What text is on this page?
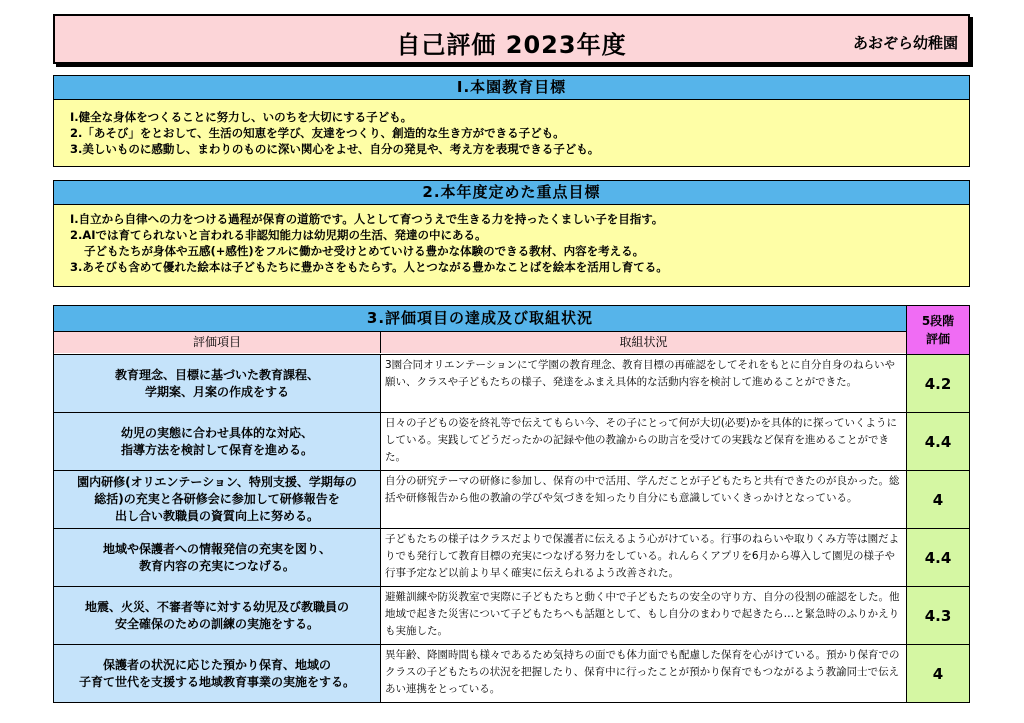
自己評価 2023年度	あおぞら幼稚園
Ⅰ.本園教育目標
Ⅰ.健全な身体をつくることに努力し、いのちを大切にする子ども。
2.「あそび」をとおして、生活の知恵を学び、友達をつくり、創造的な生き方ができる子ども。
3.美しいものに感動し、まわりのものに深い関心をよせ、自分の発見や、考え方を表現できる子ども。
2.本年度定めた重点目標
Ⅰ.自立から自律への力をつける過程が保育の道筋です。人として育つうえで生きる力を持ったくましい子を目指す。
2.AIでは育てられないと言われる非認知能力は幼児期の生活、発達の中にある。
子どもたちが身体や五感(+感性)をフルに働かせ受けとめていける豊かな体験のできる教材、内容を考える。
3.あそびも含めて優れた絵本は子どもたちに豊かさをもたらす。人とつながる豊かなことばを絵本を活用し育てる。
3.評価項目の達成及び取組状況
評価項目	取組状況
5段階
評価
教育理念、目標に基づいた教育課程、
学期案、月案の作成をする
3園合同オリエンテーションにて学園の教育理念、教育目標の再確認をしてそれをもとに自分自身のねらいや願い、クラスや子どもたちの様子、発達をふまえ具体的な活動内容を検討して進めることができた。	4.2
幼児の実態に合わせ具体的な対応、
指導方法を検討して保育を進める。
日々の子どもの姿を終礼等で伝えてもらい今、その子にとって何が大切(必要)かを具体的に探っていくようにしている。実践してどうだったかの記録や他の教諭からの助言を受けての実践など保育を進めることができた。
4.4
園内研修(オリエンテーション、特別支援、学期毎の
総括)の充実と各研修会に参加して研修報告を
出し合い教職員の資質向上に努める。
自分の研究テーマの研修に参加し、保育の中で活用、学んだことが子どもたちと共有できたのが良かった。総括や研修報告から他の教諭の学びや気づきを知ったり自分にも意識していくきっかけとなっている。	4
地域や保護者への情報発信の充実を図り、
教育内容の充実につなげる。
子どもたちの様子はクラスだよりで保護者に伝えるよう心がけている。行事のねらいや取りくみ方等は園だよりでも発行して教育目標の充実につなげる努力をしている。れんらくアプリを6月から導入して園児の様子や行事予定など以前より早く確実に伝えられるよう改善された。
4.4
地震、火災、不審者等に対する幼児及び教職員の
安全確保のための訓練の実施をする。
避難訓練や防災教室で実際に子どもたちと動く中で子どもたちの安全の守り方、自分の役割の確認をした。他地域で起きた災害について子どもたちへも話題として、もし自分のまわりで起きたら…と緊急時のふりかえりも実施した。
4.3
保護者の状況に応じた預かり保育、地域の
子育て世代を支援する地域教育事業の実施をする。
異年齢、降園時間も様々であるため気持ちの面でも体力面でも配慮した保育を心がけている。預かり保育でのクラスの子どもたちの状況を把握したり、保育中に行ったことが預かり保育でもつながるよう教諭同士で伝えあい連携をとっている。
4
